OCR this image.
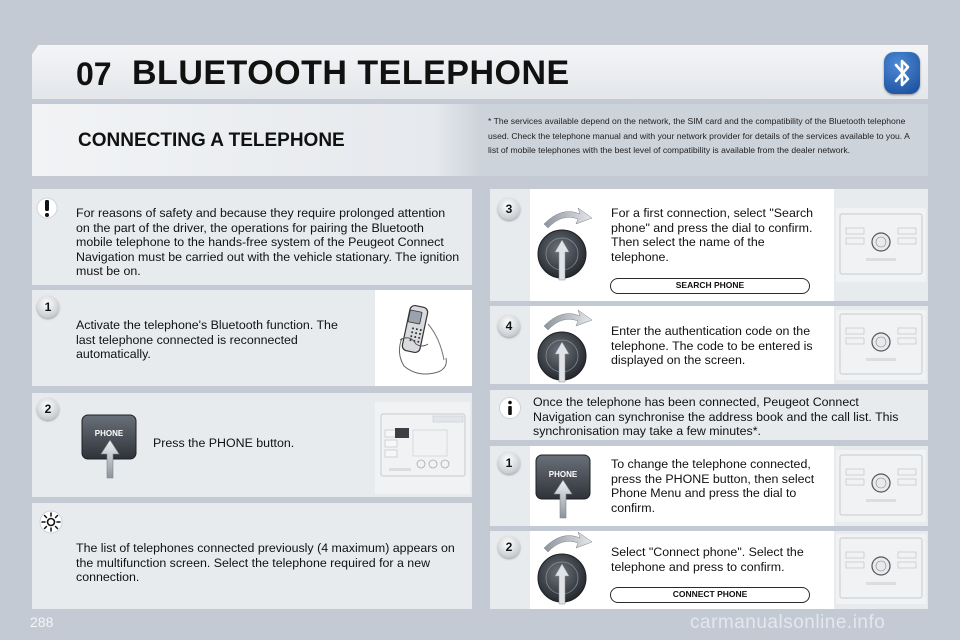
07 BLUETOOTH TELEPHONE
CONNECTING A TELEPHONE
* The services available depend on the network, the SIM card and the compatibility of the Bluetooth telephone used. Check the telephone manual and with your network provider for details of the services available to you. A list of mobile telephones with the best level of compatibility is available from the dealer network.
For reasons of safety and because they require prolonged attention on the part of the driver, the operations for pairing the Bluetooth mobile telephone to the hands-free system of the Peugeot Connect Navigation must be carried out with the vehicle stationary. The ignition must be on.
1
Activate the telephone's Bluetooth function. The last telephone connected is reconnected automatically.
2
PHONE
Press the PHONE button.
The list of telephones connected previously (4 maximum) appears on the multifunction screen. Select the telephone required for a new connection.
3	For a first connection, select "Search phone" and press the dial to confirm. Then select the name of the telephone.
SEARCH PHONE
4	Enter the authentication code on the telephone. The code to be entered is displayed on the screen.
Once the telephone has been connected, Peugeot Connect Navigation can synchronise the address book and the call list. This synchronisation may take a few minutes*.
1
PHONE
To change the telephone connected, press the PHONE button, then select Phone Menu and press the dial to confirm.
2	Select "Connect phone". Select the telephone and press to confirm.
CONNECT PHONE
288	carmanualsonline.info
